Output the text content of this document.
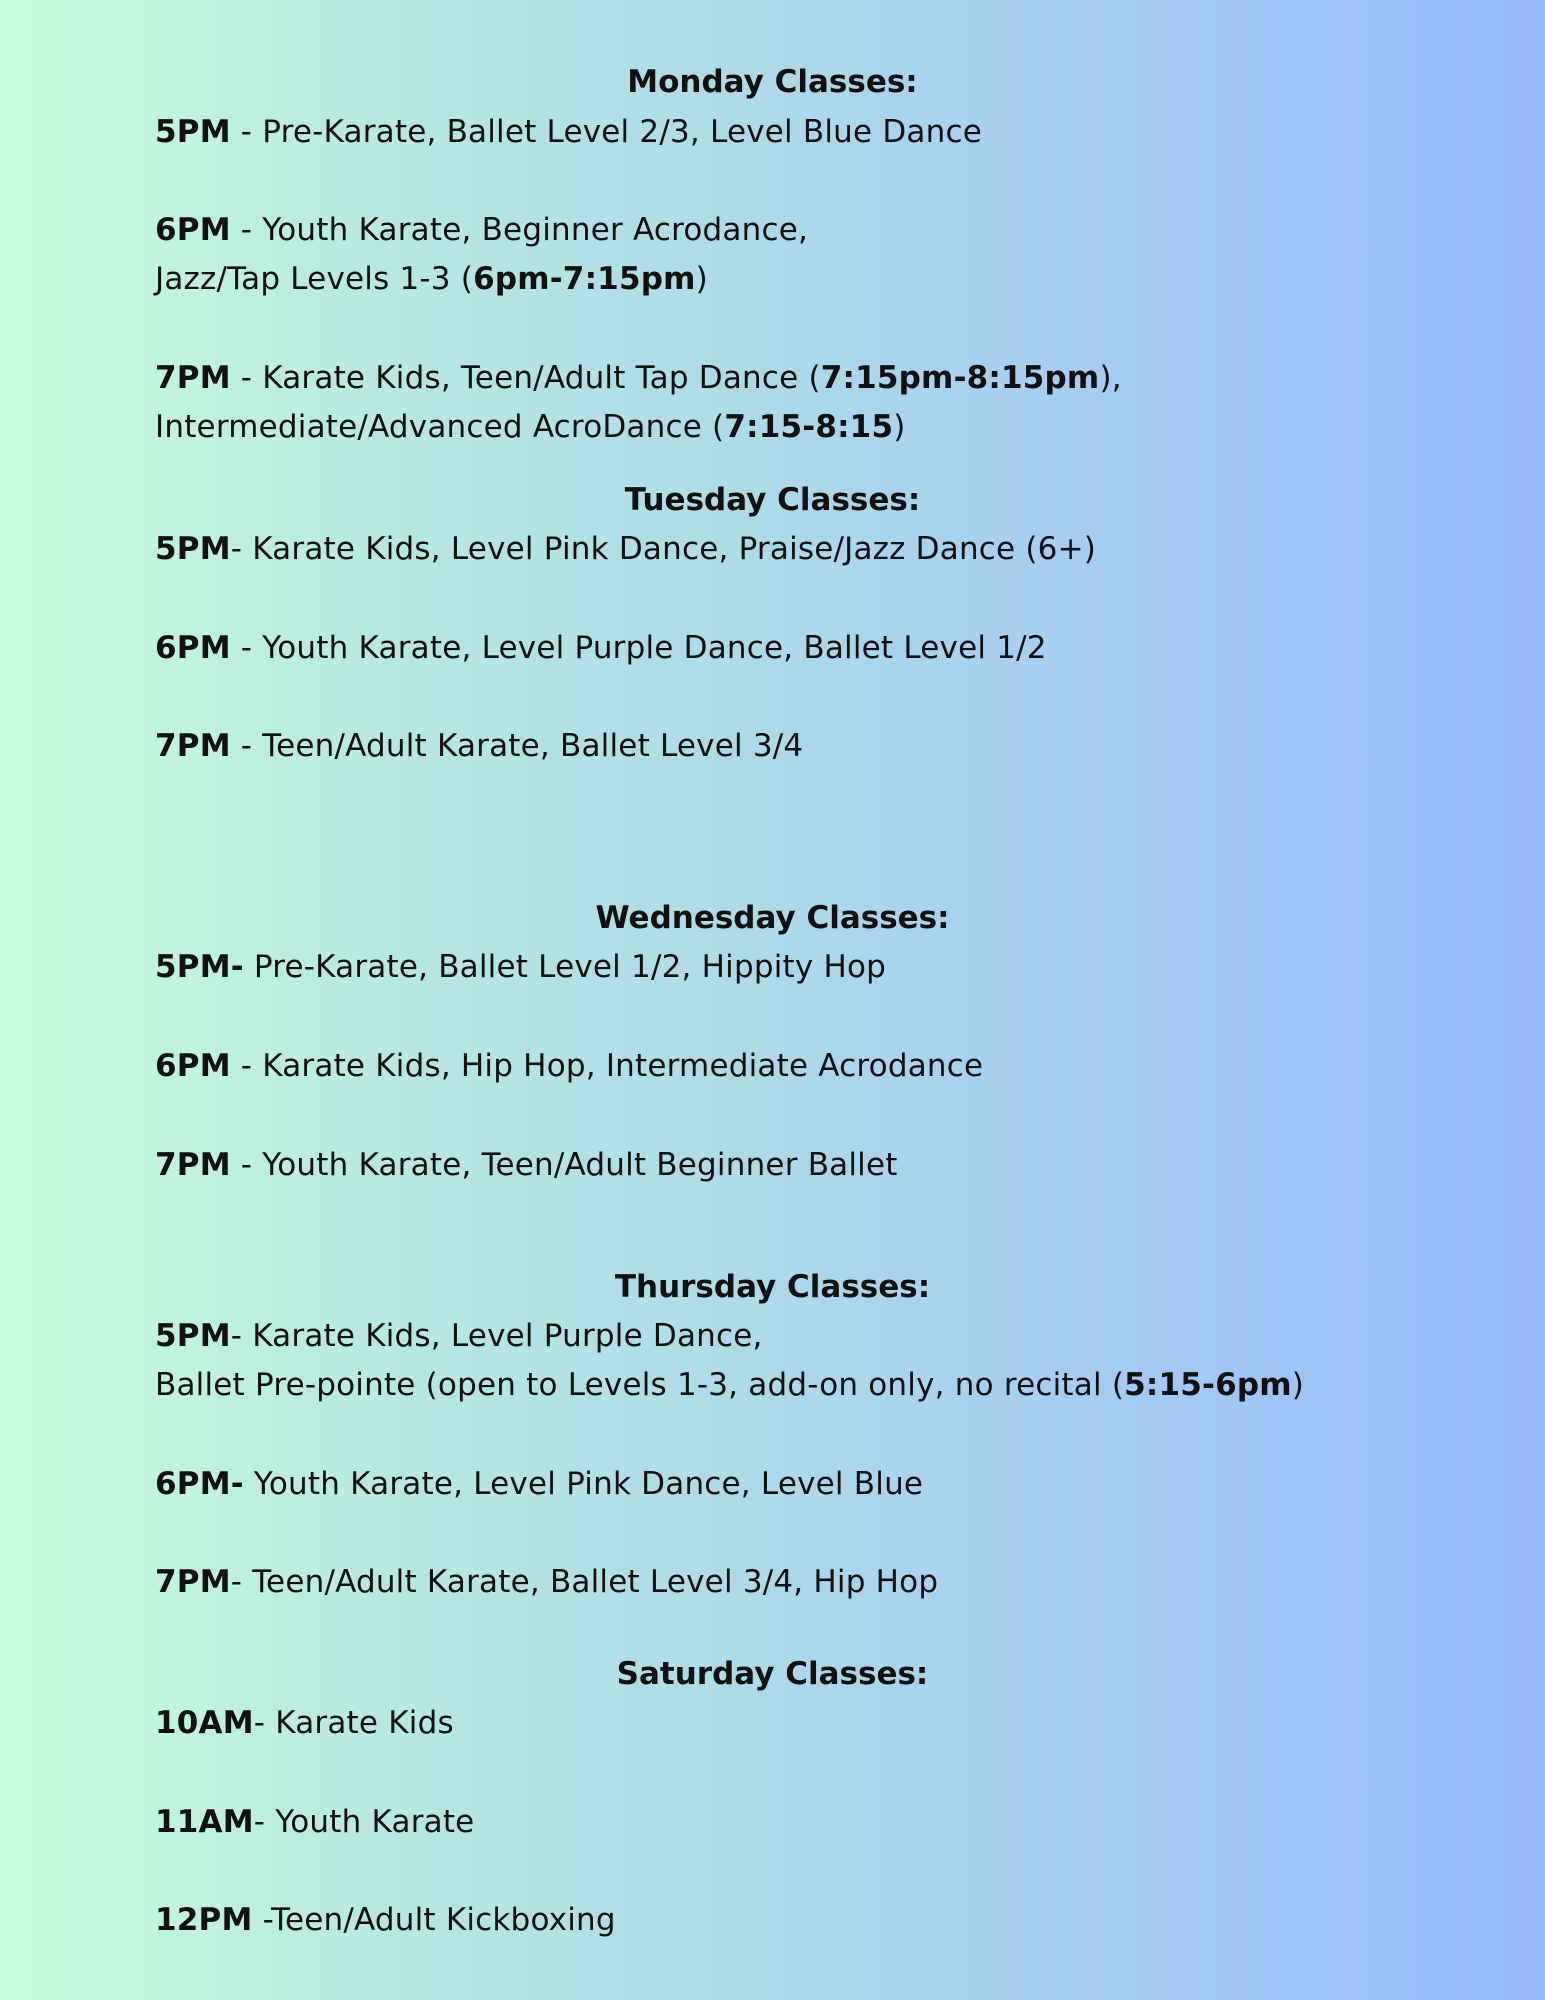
Monday Classes:
5PM - Pre-Karate, Ballet Level 2/3, Level Blue Dance
6PM - Youth Karate, Beginner Acrodance,
Jazz/Tap Levels 1-3 (6pm-7:15pm)
7PM - Karate Kids, Teen/Adult Tap Dance (7:15pm-8:15pm),
Intermediate/Advanced AcroDance (7:15-8:15)
Tuesday Classes:
5PM- Karate Kids, Level Pink Dance, Praise/Jazz Dance (6+)
6PM - Youth Karate, Level Purple Dance, Ballet Level 1/2
7PM - Teen/Adult Karate, Ballet Level 3/4
Wednesday Classes:
5PM- Pre-Karate, Ballet Level 1/2, Hippity Hop
6PM - Karate Kids, Hip Hop, Intermediate Acrodance
7PM - Youth Karate, Teen/Adult Beginner Ballet
Thursday Classes:
5PM- Karate Kids, Level Purple Dance,
Ballet Pre-pointe (open to Levels 1-3, add-on only, no recital (5:15-6pm)
6PM- Youth Karate, Level Pink Dance, Level Blue
7PM- Teen/Adult Karate, Ballet Level 3/4, Hip Hop
Saturday Classes:
10AM- Karate Kids
11AM- Youth Karate
12PM -Teen/Adult Kickboxing
